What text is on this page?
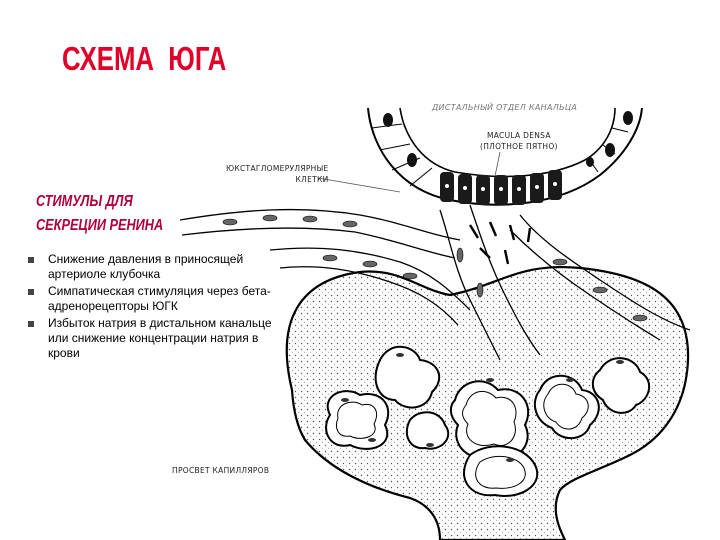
СХЕМА  ЮГА
СТИМУЛЫ ДЛЯ
СЕКРЕЦИИ РЕНИНА
Снижение давления в приносящей артериоле клубочка
Симпатическая стимуляция через бета-адренорецепторы ЮГК
Избыток натрия в дистальном канальце или снижение концентрации натрия в крови
ДИСТАЛЬНЫЙ ОТДЕЛ КАНАЛЬЦА
MACULA DENSA
(ПЛОТНОЕ ПЯТНО)
ЮКСТАГЛОМЕРУЛЯРНЫЕ
КЛЕТКИ
ПРОСВЕТ КАПИЛЛЯРОВ
